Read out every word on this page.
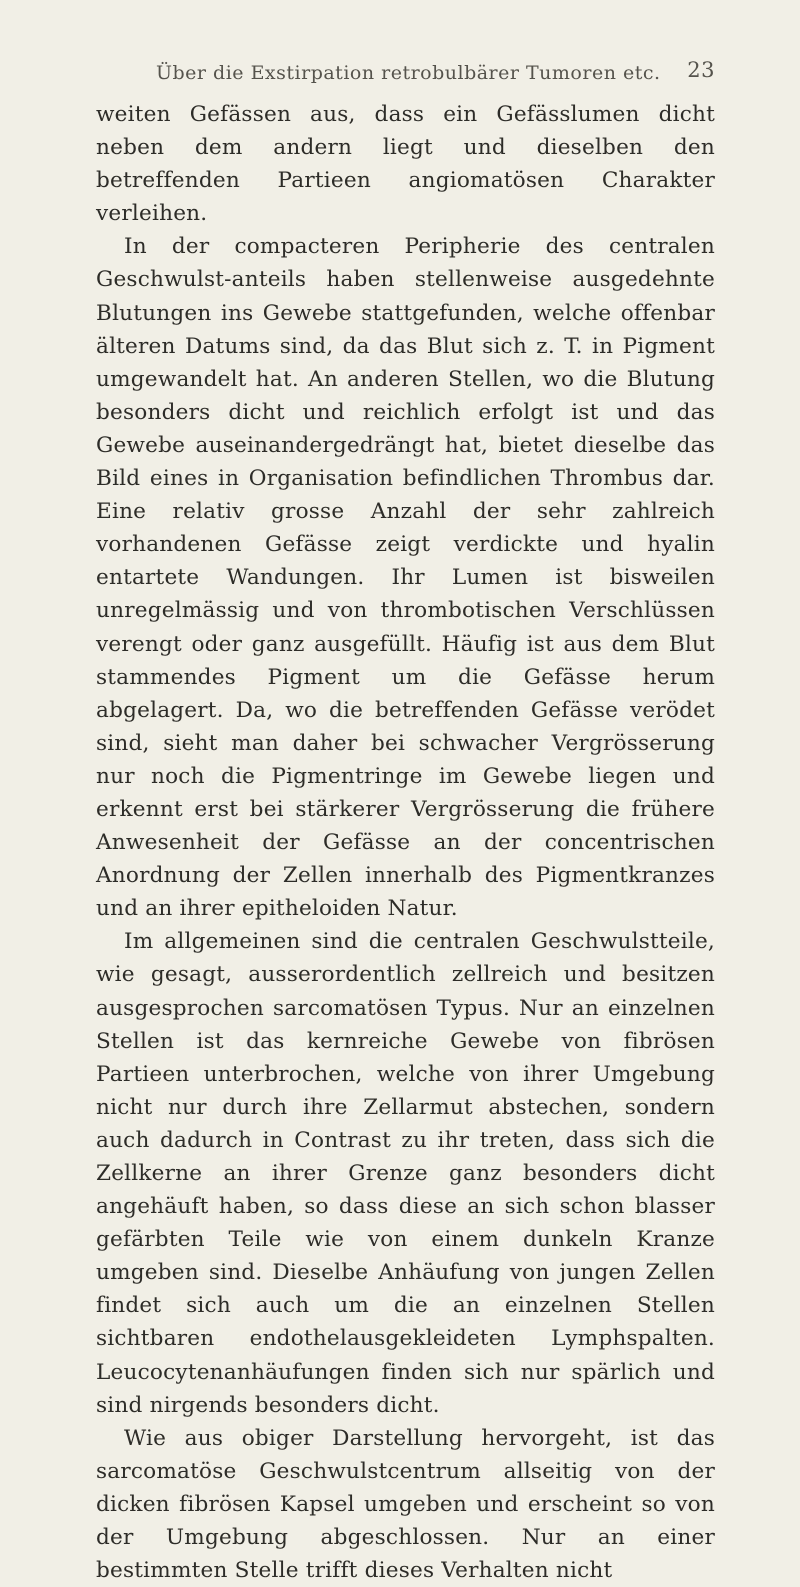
Über die Exstirpation retrobulbärer Tumoren etc. 23

weiten Gefässen aus, dass ein Gefässlumen dicht neben dem andern liegt und dieselben den betreffenden Partieen angiomatösen Charakter verleihen.

In der compacteren Peripherie des centralen Geschwulst-anteils haben stellenweise ausgedehnte Blutungen ins Gewebe stattgefunden, welche offenbar älteren Datums sind, da das Blut sich z. T. in Pigment umgewandelt hat. An anderen Stellen, wo die Blutung besonders dicht und reichlich erfolgt ist und das Gewebe auseinandergedrängt hat, bietet dieselbe das Bild eines in Organisation befindlichen Thrombus dar. Eine relativ grosse Anzahl der sehr zahlreich vorhandenen Gefässe zeigt verdickte und hyalin entartete Wandungen. Ihr Lumen ist bisweilen unregelmässig und von thrombotischen Verschlüssen verengt oder ganz ausgefüllt. Häufig ist aus dem Blut stammendes Pigment um die Gefässe herum abgelagert. Da, wo die betreffenden Gefässe verödet sind, sieht man daher bei schwacher Vergrösserung nur noch die Pigmentringe im Gewebe liegen und erkennt erst bei stärkerer Vergrösserung die frühere Anwesenheit der Gefässe an der concentrischen Anordnung der Zellen innerhalb des Pigmentkranzes und an ihrer epitheloiden Natur.

Im allgemeinen sind die centralen Geschwulstteile, wie gesagt, ausserordentlich zellreich und besitzen ausgesprochen sarcomatösen Typus. Nur an einzelnen Stellen ist das kernreiche Gewebe von fibrösen Partieen unterbrochen, welche von ihrer Umgebung nicht nur durch ihre Zellarmut abstechen, sondern auch dadurch in Contrast zu ihr treten, dass sich die Zellkerne an ihrer Grenze ganz besonders dicht angehäuft haben, so dass diese an sich schon blasser gefärbten Teile wie von einem dunkeln Kranze umgeben sind. Dieselbe Anhäufung von jungen Zellen findet sich auch um die an einzelnen Stellen sichtbaren endothelausgekleideten Lymphspalten. Leucocytenanhäufungen finden sich nur spärlich und sind nirgends besonders dicht.

Wie aus obiger Darstellung hervorgeht, ist das sarcomatöse Geschwulstcentrum allseitig von der dicken fibrösen Kapsel umgeben und erscheint so von der Umgebung abgeschlossen. Nur an einer bestimmten Stelle trifft dieses Verhalten nicht
